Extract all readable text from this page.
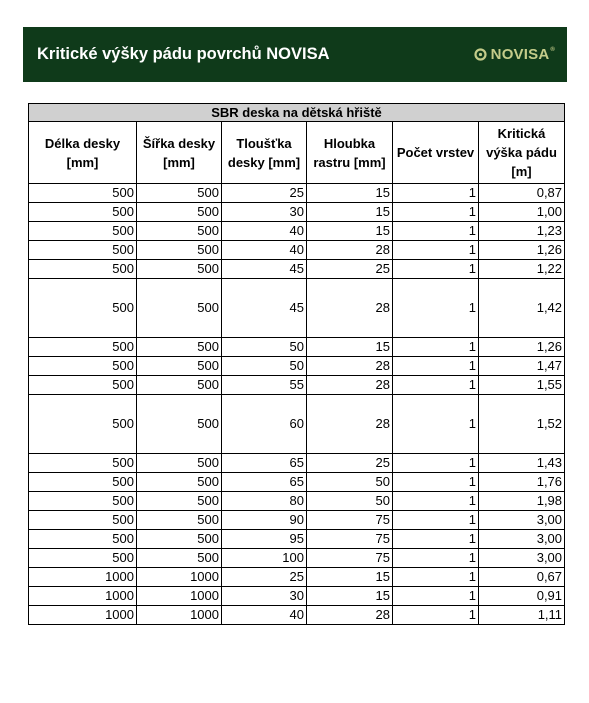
Kritické výšky pádu povrchů NOVISA	NOVISA ®
SBR deska na dětská hřiště					
Délka desky [mm]	Šířka desky [mm]	Tloušťka desky [mm]	Hloubka rastru [mm]	Počet vrstev	Kritická výška pádu [m]
500	500	25	15	1	0,87
500	500	30	15	1	1,00
500	500	40	15	1	1,23
500	500	40	28	1	1,26
500	500	45	25	1	1,22
500	500	45	28	1	1,42
500	500	50	15	1	1,26
500	500	50	28	1	1,47
500	500	55	28	1	1,55
500	500	60	28	1	1,52
500	500	65	25	1	1,43
500	500	65	50	1	1,76
500	500	80	50	1	1,98
500	500	90	75	1	3,00
500	500	95	75	1	3,00
500	500	100	75	1	3,00
1000	1000	25	15	1	0,67
1000	1000	30	15	1	0,91
1000	1000	40	28	1	1,11
